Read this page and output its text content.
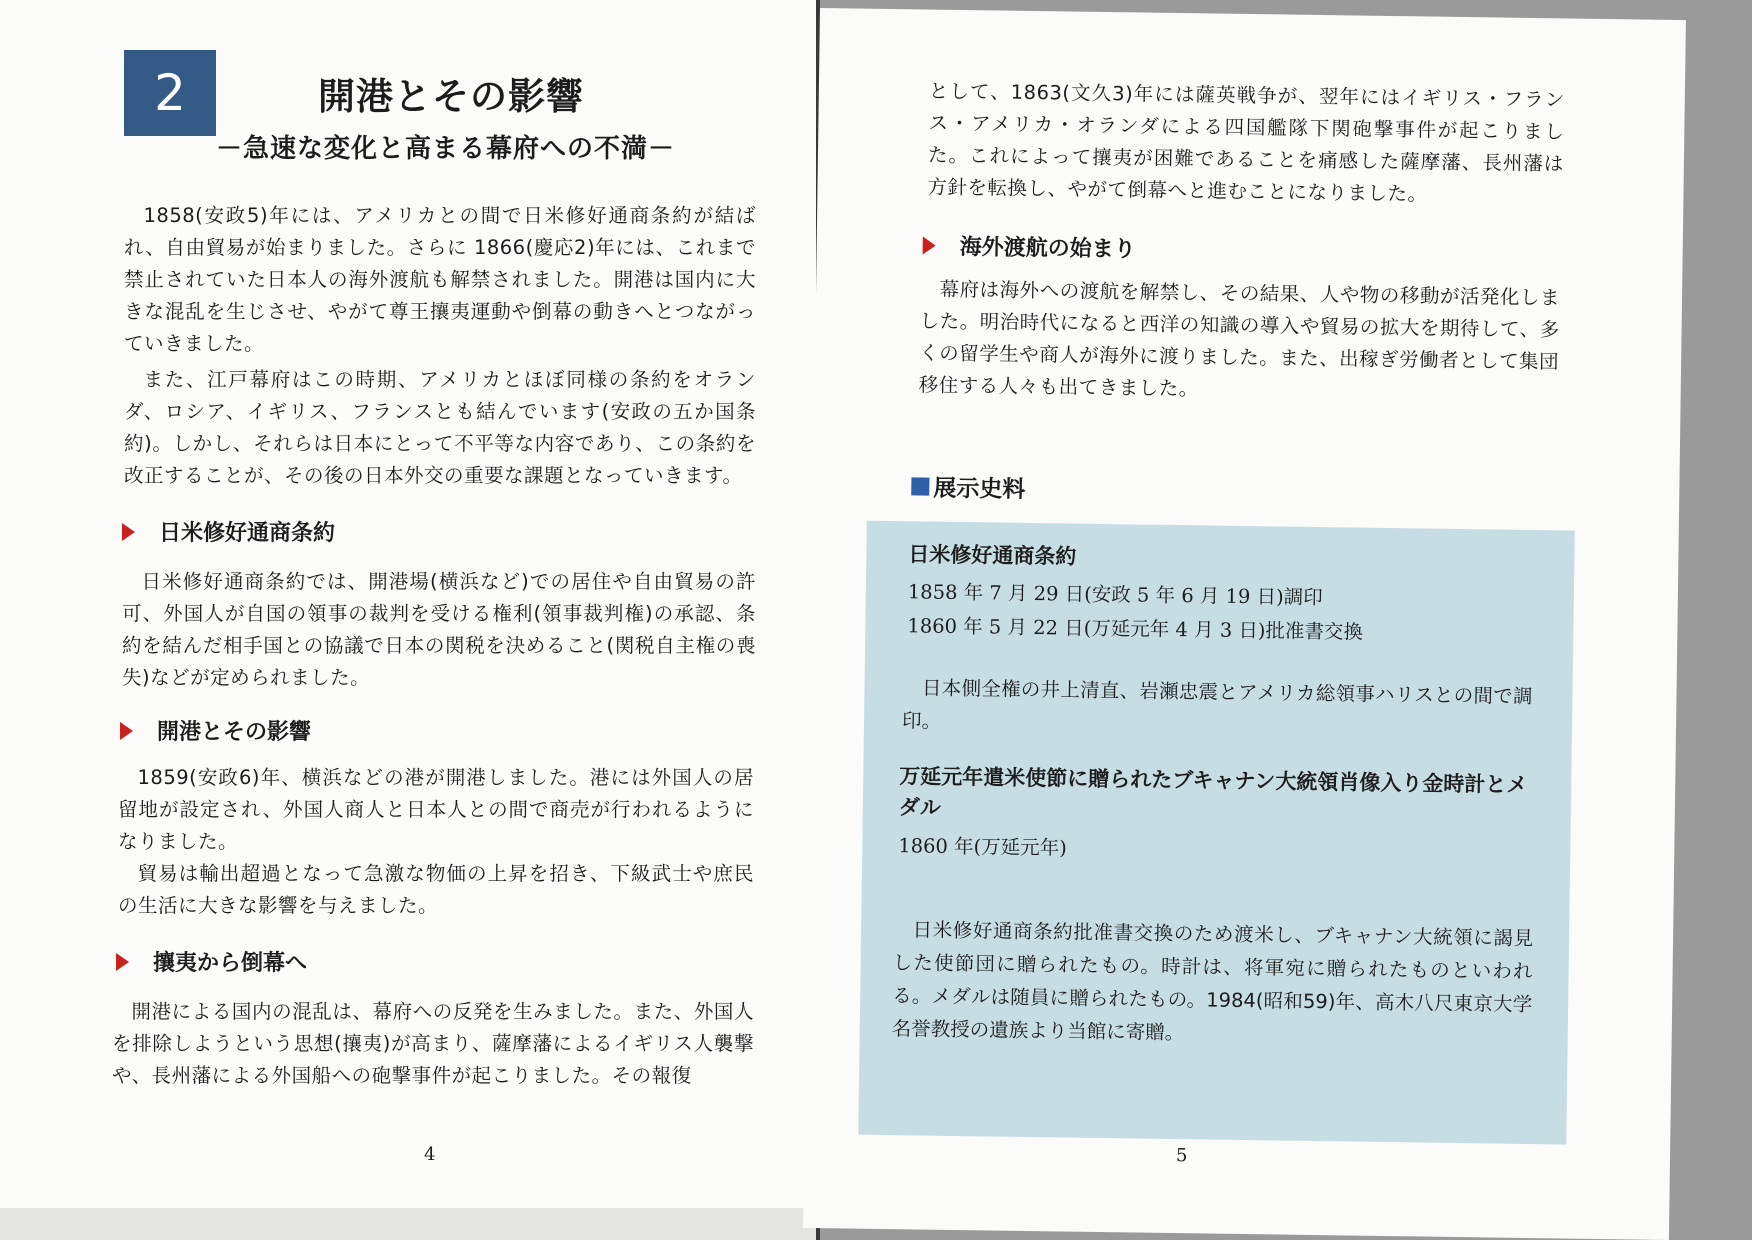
2	開港とその影響
－急速な変化と高まる幕府への不満－
1858(安政5)年には、アメリカとの間で日米修好通商条約が結ばれ、自由貿易が始まりました。さらに 1866(慶応2)年には、これまで禁止されていた日本人の海外渡航も解禁されました。開港は国内に大きな混乱を生じさせ、やがて尊王攘夷運動や倒幕の動きへとつながっていきました。
また、江戸幕府はこの時期、アメリカとほぼ同様の条約をオランダ、ロシア、イギリス、フランスとも結んでいます(安政の五か国条約)。しかし、それらは日本にとって不平等な内容であり、この条約を改正することが、その後の日本外交の重要な課題となっていきます。
日米修好通商条約
日米修好通商条約では、開港場(横浜など)での居住や自由貿易の許可、外国人が自国の領事の裁判を受ける権利(領事裁判権)の承認、条約を結んだ相手国との協議で日本の関税を決めること(関税自主権の喪失)などが定められました。
開港とその影響
1859(安政6)年、横浜などの港が開港しました。港には外国人の居留地が設定され、外国人商人と日本人との間で商売が行われるようになりました。
貿易は輸出超過となって急激な物価の上昇を招き、下級武士や庶民の生活に大きな影響を与えました。
攘夷から倒幕へ
開港による国内の混乱は、幕府への反発を生みました。また、外国人を排除しようという思想(攘夷)が高まり、薩摩藩によるイギリス人襲撃や、長州藩による外国船への砲撃事件が起こりました。その報復
4
として、1863(文久3)年には薩英戦争が、翌年にはイギリス・フランス・アメリカ・オランダによる四国艦隊下関砲撃事件が起こりました。これによって攘夷が困難であることを痛感した薩摩藩、長州藩は方針を転換し、やがて倒幕へと進むことになりました。
海外渡航の始まり
幕府は海外への渡航を解禁し、その結果、人や物の移動が活発化しました。明治時代になると西洋の知識の導入や貿易の拡大を期待して、多くの留学生や商人が海外に渡りました。また、出稼ぎ労働者として集団移住する人々も出てきました。
展示史料
日米修好通商条約
1858 年 7 月 29 日(安政 5 年 6 月 19 日)調印
1860 年 5 月 22 日(万延元年 4 月 3 日)批准書交換
日本側全権の井上清直、岩瀬忠震とアメリカ総領事ハリスとの間で調印。
万延元年遣米使節に贈られたブキャナン大統領肖像入り金時計とメダル
1860 年(万延元年)
日米修好通商条約批准書交換のため渡米し、ブキャナン大統領に謁見した使節団に贈られたもの。時計は、将軍宛に贈られたものといわれる。メダルは随員に贈られたもの。1984(昭和59)年、高木八尺東京大学名誉教授の遺族より当館に寄贈。
5
